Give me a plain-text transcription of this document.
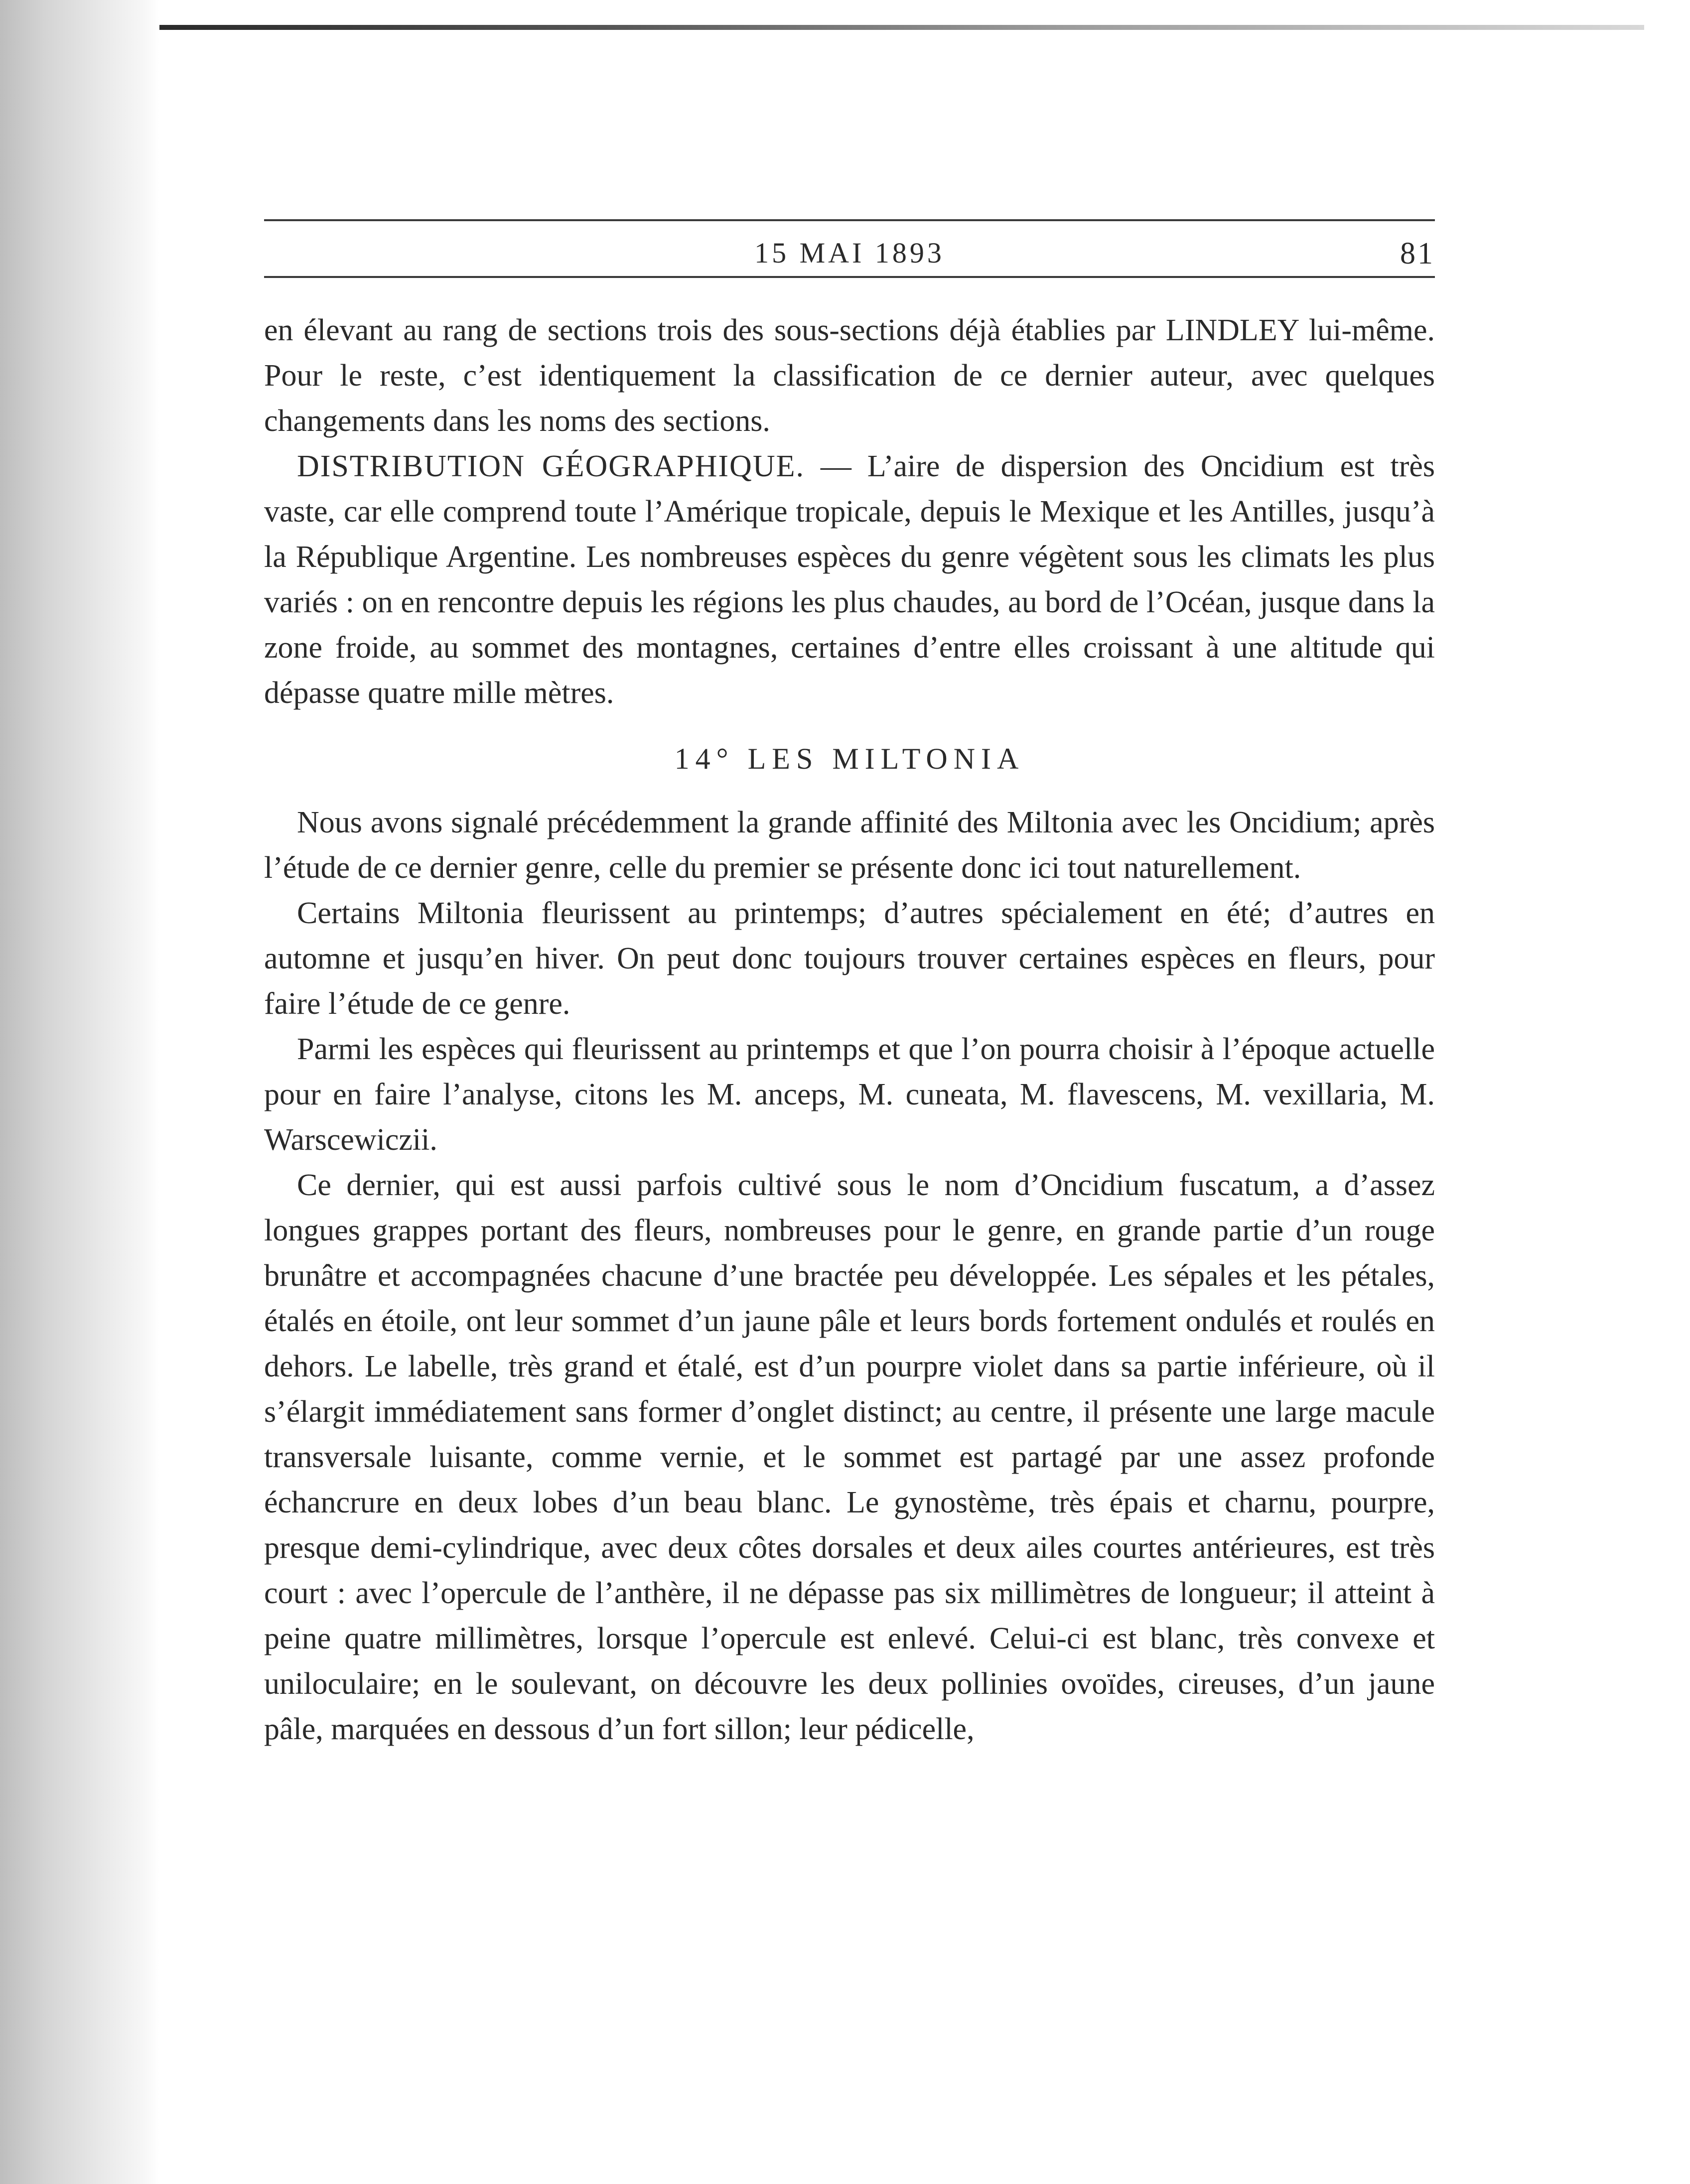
15 MAI 1893	81

en élevant au rang de sections trois des sous-sections déjà établies par LINDLEY lui-même. Pour le reste, c’est identiquement la classification de ce dernier auteur, avec quelques changements dans les noms des sections.

DISTRIBUTION GÉOGRAPHIQUE. — L’aire de dispersion des Oncidium est très vaste, car elle comprend toute l’Amérique tropicale, depuis le Mexique et les Antilles, jusqu’à la République Argentine. Les nombreuses espèces du genre végètent sous les climats les plus variés : on en rencontre depuis les régions les plus chaudes, au bord de l’Océan, jusque dans la zone froide, au sommet des montagnes, certaines d’entre elles croissant à une altitude qui dépasse quatre mille mètres.

14° LES MILTONIA

Nous avons signalé précédemment la grande affinité des Miltonia avec les Oncidium; après l’étude de ce dernier genre, celle du premier se présente donc ici tout naturellement.

Certains Miltonia fleurissent au printemps; d’autres spécialement en été; d’autres en automne et jusqu’en hiver. On peut donc toujours trouver certaines espèces en fleurs, pour faire l’étude de ce genre.

Parmi les espèces qui fleurissent au printemps et que l’on pourra choisir à l’époque actuelle pour en faire l’analyse, citons les M. anceps, M. cuneata, M. flavescens, M. vexillaria, M. Warscewiczii.

Ce dernier, qui est aussi parfois cultivé sous le nom d’Oncidium fuscatum, a d’assez longues grappes portant des fleurs, nombreuses pour le genre, en grande partie d’un rouge brunâtre et accompagnées chacune d’une bractée peu développée. Les sépales et les pétales, étalés en étoile, ont leur sommet d’un jaune pâle et leurs bords fortement ondulés et roulés en dehors. Le labelle, très grand et étalé, est d’un pourpre violet dans sa partie inférieure, où il s’élargit immédiatement sans former d’onglet distinct; au centre, il présente une large macule transversale luisante, comme vernie, et le sommet est partagé par une assez profonde échancrure en deux lobes d’un beau blanc. Le gynostème, très épais et charnu, pourpre, presque demi-cylindrique, avec deux côtes dorsales et deux ailes courtes antérieures, est très court : avec l’opercule de l’anthère, il ne dépasse pas six millimètres de longueur; il atteint à peine quatre millimètres, lorsque l’opercule est enlevé. Celui-ci est blanc, très convexe et uniloculaire; en le soulevant, on découvre les deux pollinies ovoïdes, cireuses, d’un jaune pâle, marquées en dessous d’un fort sillon; leur pédicelle,
